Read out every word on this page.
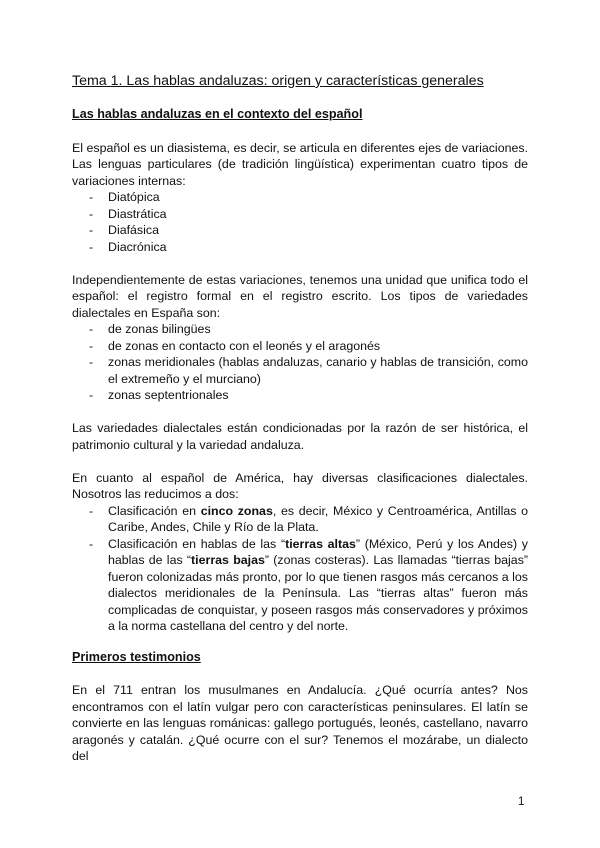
Tema 1. Las hablas andaluzas: origen y características generales
Las hablas andaluzas en el contexto del español

El español es un diasistema, es decir, se articula en diferentes ejes de variaciones. Las lenguas particulares (de tradición lingüística) experimentan cuatro tipos de variaciones internas:

- Diatópica
- Diastrática
- Diafásica
- Diacrónica

Independientemente de estas variaciones, tenemos una unidad que unifica todo el español: el registro formal en el registro escrito. Los tipos de variedades dialectales en España son:

- de zonas bilingües
- de zonas en contacto con el leonés y el aragonés
- zonas meridionales (hablas andaluzas, canario y hablas de transición, como el extremeño y el murciano)
- zonas septentrionales

Las variedades dialectales están condicionadas por la razón de ser histórica, el patrimonio cultural y la variedad andaluza.

En cuanto al español de América, hay diversas clasificaciones dialectales. Nosotros las reducimos a dos:

- Clasificación en cinco zonas, es decir, México y Centroamérica, Antillas o Caribe, Andes, Chile y Río de la Plata.
- Clasificación en hablas de las “tierras altas” (México, Perú y los Andes) y hablas de las “tierras bajas” (zonas costeras). Las llamadas “tierras bajas” fueron colonizadas más pronto, por lo que tienen rasgos más cercanos a los dialectos meridionales de la Península. Las “tierras altas” fueron más complicadas de conquistar, y poseen rasgos más conservadores y próximos a la norma castellana del centro y del norte.
Primeros testimonios

En el 711 entran los musulmanes en Andalucía. ¿Qué ocurría antes? Nos encontramos con el latín vulgar pero con características peninsulares. El latín se convierte en las lenguas románicas: gallego portugués, leonés, castellano, navarro aragonés y catalán. ¿Qué ocurre con el sur? Tenemos el mozárabe, un dialecto del

1
